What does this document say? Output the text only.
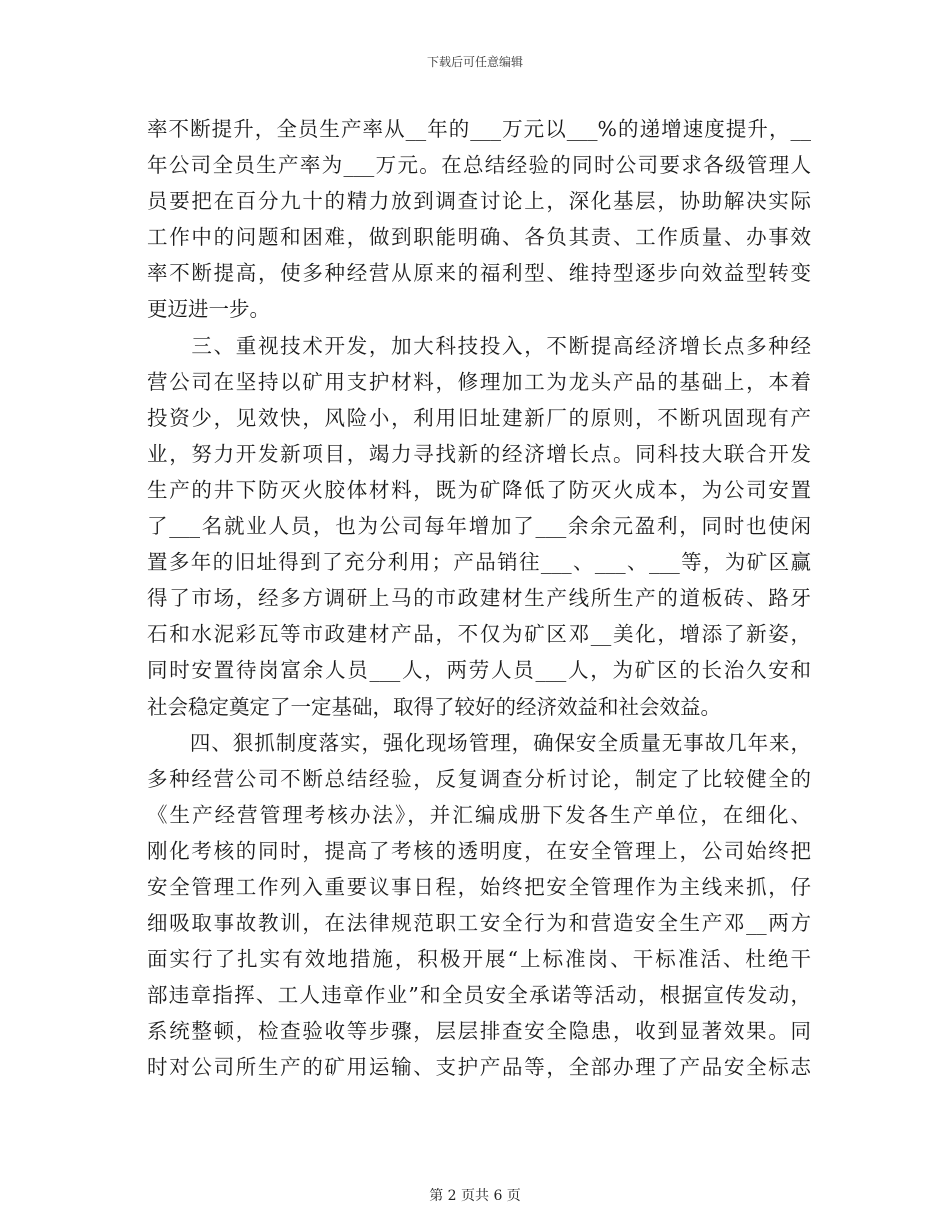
下载后可任意编辑
率不断提升，全员生产率从__年的___万元以___%的递增速度提升，__
年公司全员生产率为___万元。在总结经验的同时公司要求各级管理人
员要把在百分九十的精力放到调查讨论上，深化基层，协助解决实际
工作中的问题和困难，做到职能明确、各负其责、工作质量、办事效
率不断提高，使多种经营从原来的福利型、维持型逐步向效益型转变
更迈进一步。
　　三、重视技术开发，加大科技投入，不断提高经济增长点多种经
营公司在坚持以矿用支护材料，修理加工为龙头产品的基础上，本着
投资少，见效快，风险小，利用旧址建新厂的原则，不断巩固现有产
业，努力开发新项目，竭力寻找新的经济增长点。同科技大联合开发
生产的井下防灭火胶体材料，既为矿降低了防灭火成本，为公司安置
了___名就业人员，也为公司每年增加了___余余元盈利，同时也使闲
置多年的旧址得到了充分利用；产品销往___、___、___等，为矿区赢
得了市场，经多方调研上马的市政建材生产线所生产的道板砖、路牙
石和水泥彩瓦等市政建材产品，不仅为矿区邓__美化，增添了新姿，
同时安置待岗富余人员___人，两劳人员___人，为矿区的长治久安和
社会稳定奠定了一定基础，取得了较好的经济效益和社会效益。
　　四、狠抓制度落实，强化现场管理，确保安全质量无事故几年来，
多种经营公司不断总结经验，反复调查分析讨论，制定了比较健全的
《生产经营管理考核办法》，并汇编成册下发各生产单位，在细化、
刚化考核的同时，提高了考核的透明度，在安全管理上，公司始终把
安全管理工作列入重要议事日程，始终把安全管理作为主线来抓，仔
细吸取事故教训，在法律规范职工安全行为和营造安全生产邓__两方
面实行了扎实有效地措施，积极开展“上标准岗、干标准活、杜绝干
部违章指挥、工人违章作业”和全员安全承诺等活动，根据宣传发动，
系统整顿，检查验收等步骤，层层排查安全隐患，收到显著效果。同
时对公司所生产的矿用运输、支护产品等，全部办理了产品安全标志
第 2 页共 6 页
